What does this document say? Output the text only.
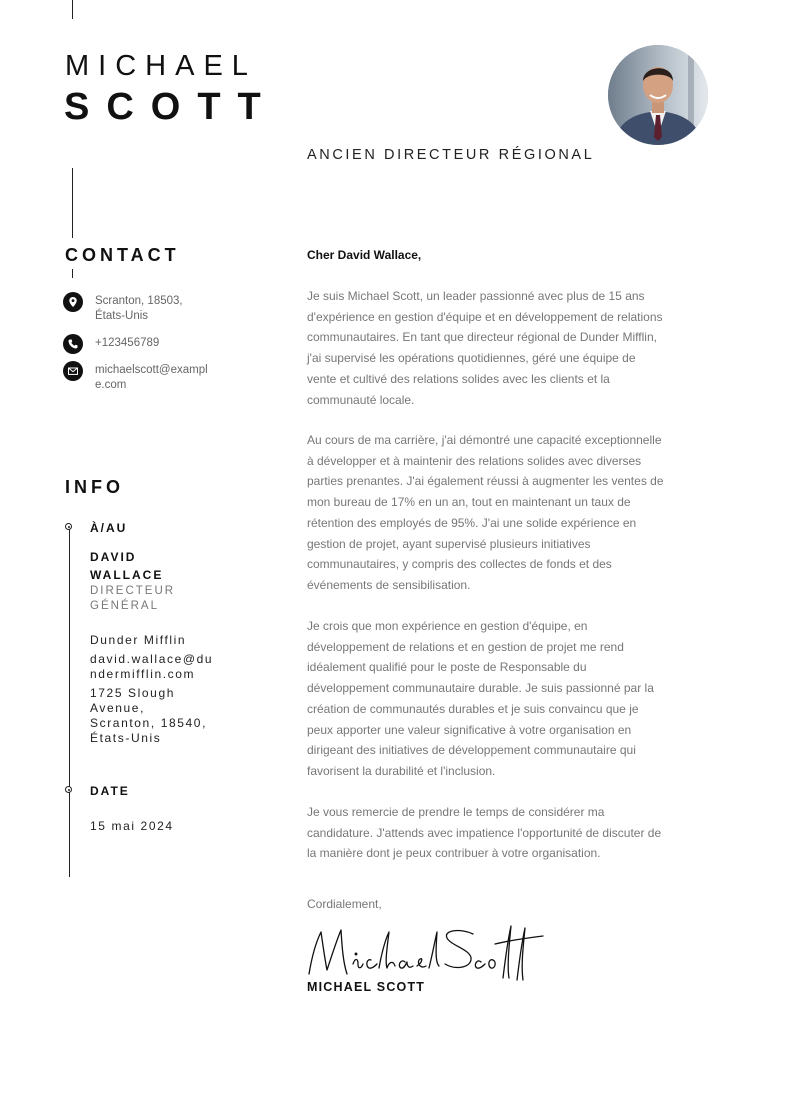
MICHAEL
SCOTT
ANCIEN DIRECTEUR RÉGIONAL
CONTACT
Scranton, 18503, États-Unis
+123456789
michaelscott@example.com
INFO
À/AU
DAVID WALLACE
DIRECTEUR GÉNÉRAL
Dunder Mifflin
david.wallace@dundermifflin.com
1725 Slough Avenue, Scranton, 18540, États-Unis
DATE
15 mai 2024
Cher David Wallace,
Je suis Michael Scott, un leader passionné avec plus de 15 ans d'expérience en gestion d'équipe et en développement de relations communautaires. En tant que directeur régional de Dunder Mifflin, j'ai supervisé les opérations quotidiennes, géré une équipe de vente et cultivé des relations solides avec les clients et la communauté locale.
Au cours de ma carrière, j'ai démontré une capacité exceptionnelle à développer et à maintenir des relations solides avec diverses parties prenantes. J'ai également réussi à augmenter les ventes de mon bureau de 17% en un an, tout en maintenant un taux de rétention des employés de 95%. J'ai une solide expérience en gestion de projet, ayant supervisé plusieurs initiatives communautaires, y compris des collectes de fonds et des événements de sensibilisation.
Je crois que mon expérience en gestion d'équipe, en développement de relations et en gestion de projet me rend idéalement qualifié pour le poste de Responsable du développement communautaire durable. Je suis passionné par la création de communautés durables et je suis convaincu que je peux apporter une valeur significative à votre organisation en dirigeant des initiatives de développement communautaire qui favorisent la durabilité et l'inclusion.
Je vous remercie de prendre le temps de considérer ma candidature. J'attends avec impatience l'opportunité de discuter de la manière dont je peux contribuer à votre organisation.
Cordialement,
MICHAEL SCOTT
